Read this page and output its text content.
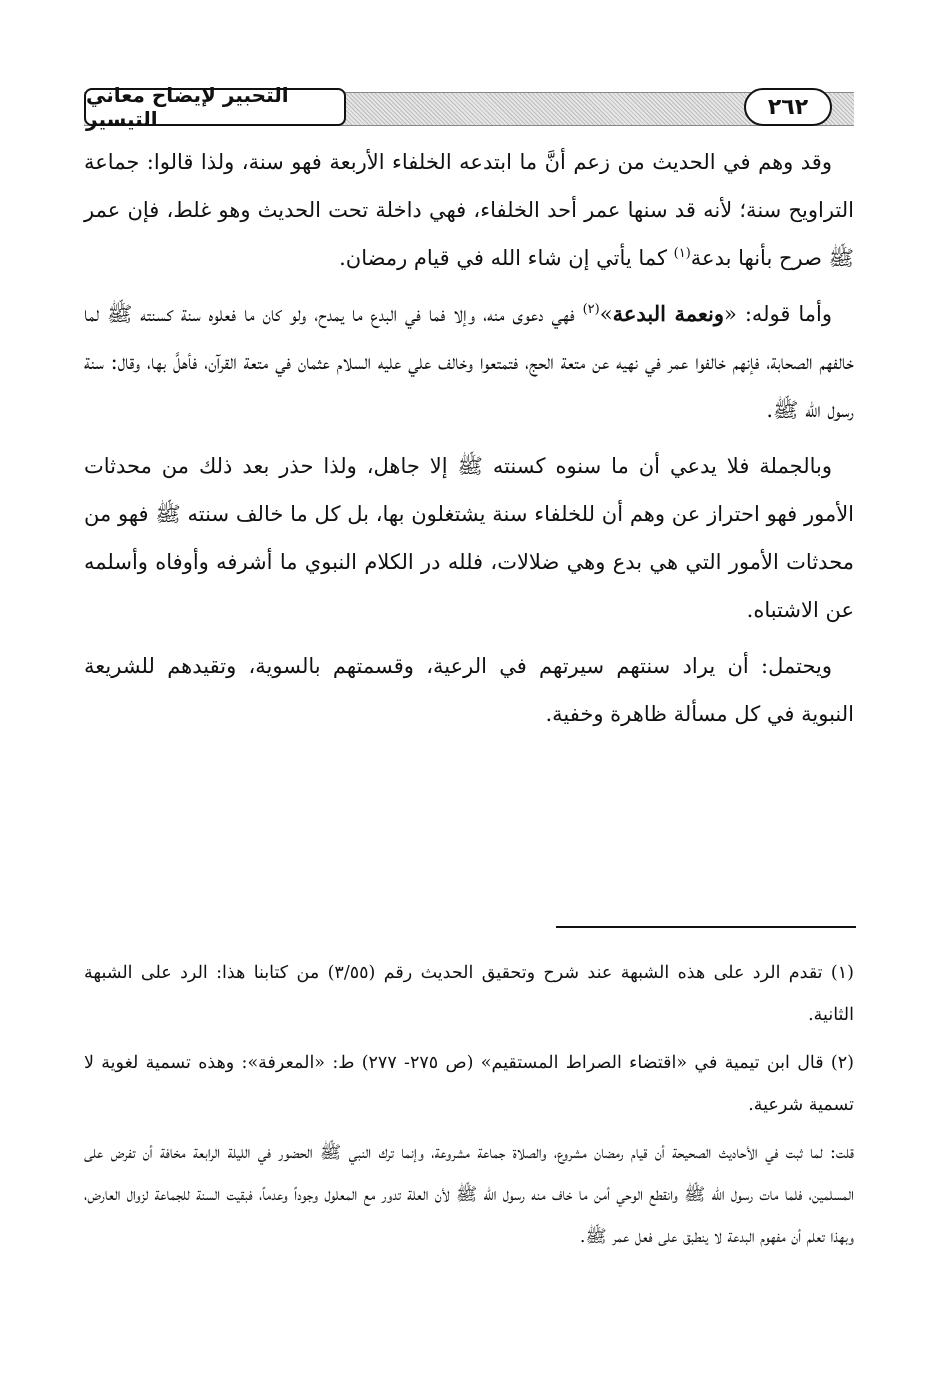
التحبير لإيضاح معاني التيسير	٢٦٢

وقد وهم في الحديث من زعم أنَّ ما ابتدعه الخلفاء الأربعة فهو سنة، ولذا قالوا: جماعة التراويح سنة؛ لأنه قد سنها عمر أحد الخلفاء، فهي داخلة تحت الحديث وهو غلط، فإن عمر ﷺ صرح بأنها بدعة$^{(١)}$ كما يأتي إن شاء الله في قيام رمضان.

وأما قوله: «ونعمة البدعة»$^{(٢)}$ فهي دعوى منه، وإلا فما في البدع ما يمدح، ولو كان ما فعلوه سنة كسنته ﷺ لما خالفهم الصحابة، فإنهم خالفوا عمر في نهيه عن متعة الحج، فتمتعوا وخالف علي عليه السلام عثمان في متعة القرآن، فأهلَّ بها، وقال: سنة رسول الله ﷺ.

وبالجملة فلا يدعي أن ما سنوه كسنته ﷺ إلا جاهل، ولذا حذر بعد ذلك من محدثات الأمور فهو احتراز عن وهم أن للخلفاء سنة يشتغلون بها، بل كل ما خالف سنته ﷺ فهو من محدثات الأمور التي هي بدع وهي ضلالات، فلله در الكلام النبوي ما أشرفه وأوفاه وأسلمه عن الاشتباه.

ويحتمل: أن يراد سنتهم سيرتهم في الرعية، وقسمتهم بالسوية، وتقيدهم للشريعة النبوية في كل مسألة ظاهرة وخفية.

(١) تقدم الرد على هذه الشبهة عند شرح وتحقيق الحديث رقم (٣/٥٥) من كتابنا هذا: الرد على الشبهة الثانية.

(٢) قال ابن تيمية في «اقتضاء الصراط المستقيم» (ص ٢٧٥- ٢٧٧) ط: «المعرفة»: وهذه تسمية لغوية لا تسمية شرعية.

قلت: لما ثبت في الأحاديث الصحيحة أن قيام رمضان مشروع، والصلاة جماعة مشروعة، وإنما ترك النبي ﷺ الحضور في الليلة الرابعة مخافة أن تفرض على المسلمين، فلما مات رسول الله ﷺ وانقطع الوحي أمن ما خاف منه رسول الله ﷺ لأن العلة تدور مع المعلول وجوداً وعدماً، فبقيت السنة للجماعة لزوال العارض، وبهذا تعلم أن مفهوم البدعة لا ينطبق على فعل عمر ﷺ.
